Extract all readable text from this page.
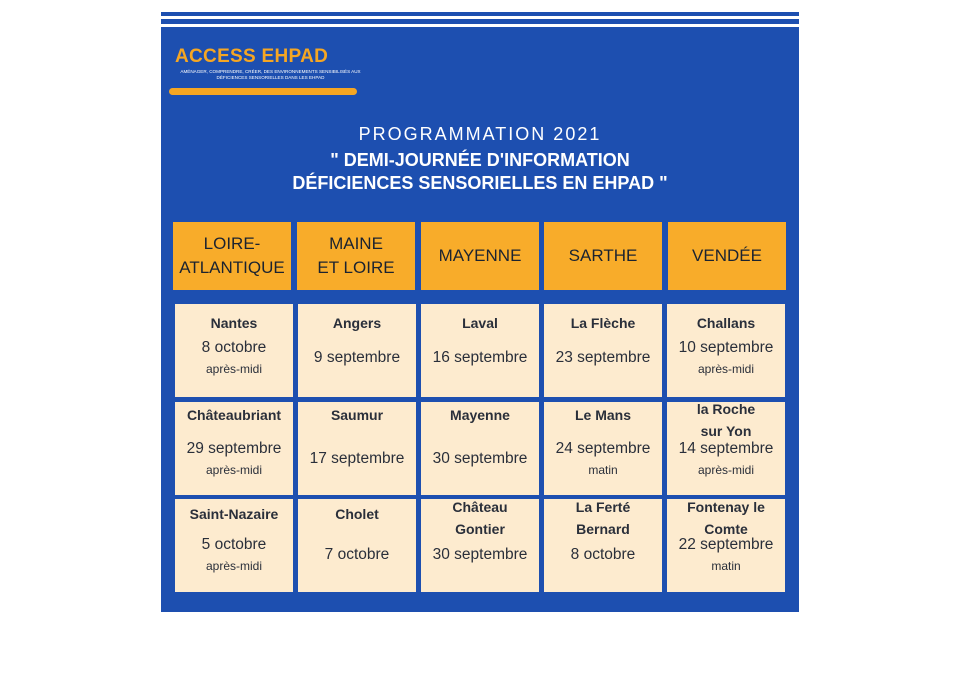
ACCESS EHPAD
AMÉNAGER, COMPRENDRE, CRÉER, DES ENVIRONNEMENTS SENSIBILISÉS AUX DÉFICIENCES SENSORIELLES DANS LES EHPAD
PROGRAMMATION 2021
" DEMI-JOURNÉE D'INFORMATION
DÉFICIENCES SENSORIELLES EN EHPAD "
LOIRE-ATLANTIQUE
MAINE ET LOIRE
MAYENNE	SARTHE	VENDÉE
Nantes
8 octobre
après-midi
Angers
9 septembre
Laval
16 septembre
La Flèche
23 septembre
Challans
10 septembre
après-midi
Châteaubriant
29 septembre
après-midi
Saumur
17 septembre
Mayenne
30 septembre
Le Mans
24 septembre
matin
la Roche sur Yon
14 septembre
après-midi
Saint-Nazaire
5 octobre
après-midi
Cholet
7 octobre
Château Gontier
30 septembre
La Ferté Bernard
8 octobre
Fontenay le Comte
22 septembre
matin
